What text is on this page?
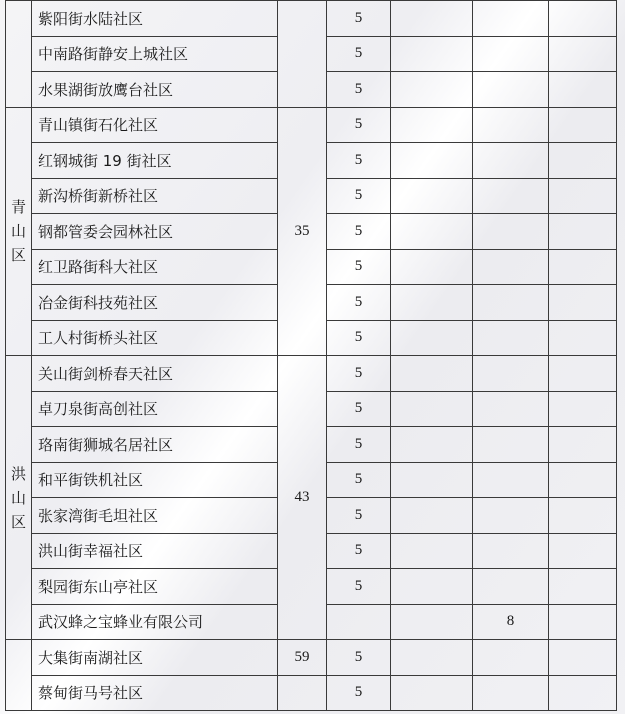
	紫阳街水陆社区		5			
	中南路街静安上城社区		5			
	水果湖街放鹰台社区		5			

青
山
区	青山镇街石化社区	35	5			
	红钢城街 19 街社区		5			
	新沟桥街新桥社区		5			
	钢都管委会园林社区		5			
	红卫路街科大社区		5			
	冶金街科技苑社区		5			
	工人村街桥头社区		5			

洪
山
区	关山街剑桥春天社区	43	5			
	卓刀泉街高创社区		5			
	珞南街狮城名居社区		5			
	和平街铁机社区		5			
	张家湾街毛坦社区		5			
	洪山街幸福社区		5			
	梨园街东山亭社区		5			
	武汉蜂之宝蜂业有限公司				8	
	大集街南湖社区	59	5			
	蔡甸街马号社区		5			
